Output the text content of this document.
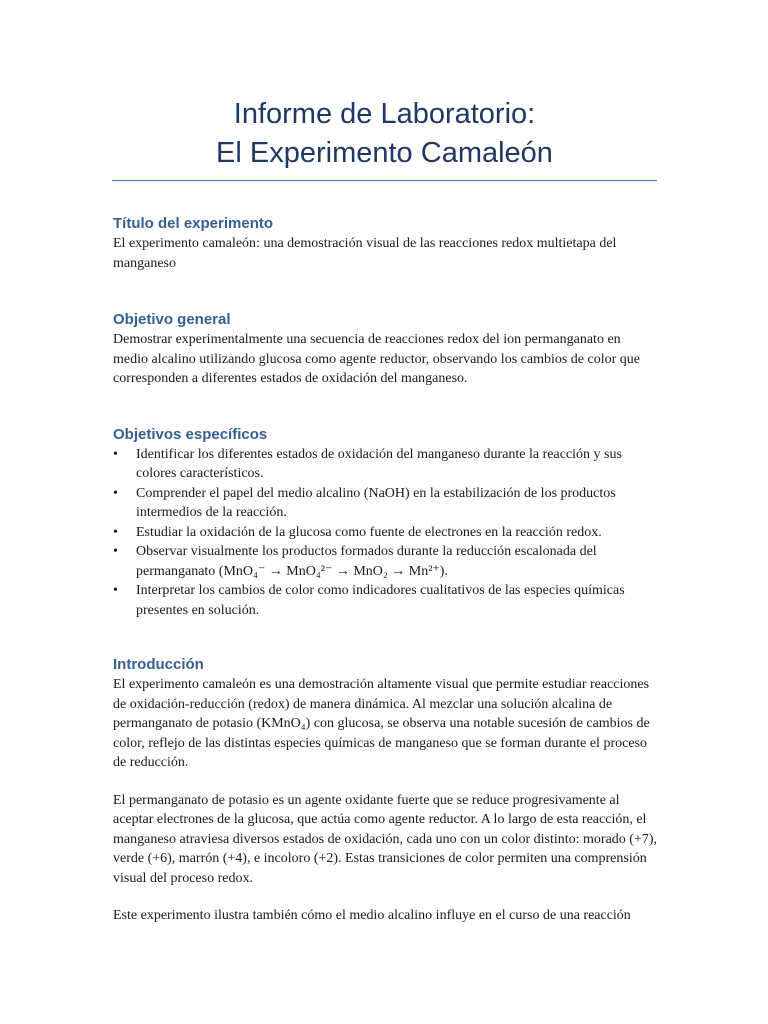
Informe de Laboratorio:
El Experimento Camaleón
Título del experimento

El experimento camaleón: una demostración visual de las reacciones redox multietapa del manganeso

Objetivo general

Demostrar experimentalmente una secuencia de reacciones redox del ion permanganato en medio alcalino utilizando glucosa como agente reductor, observando los cambios de color que corresponden a diferentes estados de oxidación del manganeso.

Objetivos específicos
• Identificar los diferentes estados de oxidación del manganeso durante la reacción y sus colores característicos.
• Comprender el papel del medio alcalino (NaOH) en la estabilización de los productos intermedios de la reacción.
• Estudiar la oxidación de la glucosa como fuente de electrones en la reacción redox.
• Observar visualmente los productos formados durante la reducción escalonada del permanganato (MnO₄⁻ → MnO₄²⁻ → MnO₂ → Mn²⁺).
• Interpretar los cambios de color como indicadores cualitativos de las especies químicas presentes en solución.
Introducción

El experimento camaleón es una demostración altamente visual que permite estudiar reacciones de oxidación-reducción (redox) de manera dinámica. Al mezclar una solución alcalina de permanganato de potasio (KMnO₄) con glucosa, se observa una notable sucesión de cambios de color, reflejo de las distintas especies químicas de manganeso que se forman durante el proceso de reducción.

El permanganato de potasio es un agente oxidante fuerte que se reduce progresivamente al aceptar electrones de la glucosa, que actúa como agente reductor. A lo largo de esta reacción, el manganeso atraviesa diversos estados de oxidación, cada uno con un color distinto: morado (+7), verde (+6), marrón (+4), e incoloro (+2). Estas transiciones de color permiten una comprensión visual del proceso redox.

Este experimento ilustra también cómo el medio alcalino influye en el curso de una reacción
